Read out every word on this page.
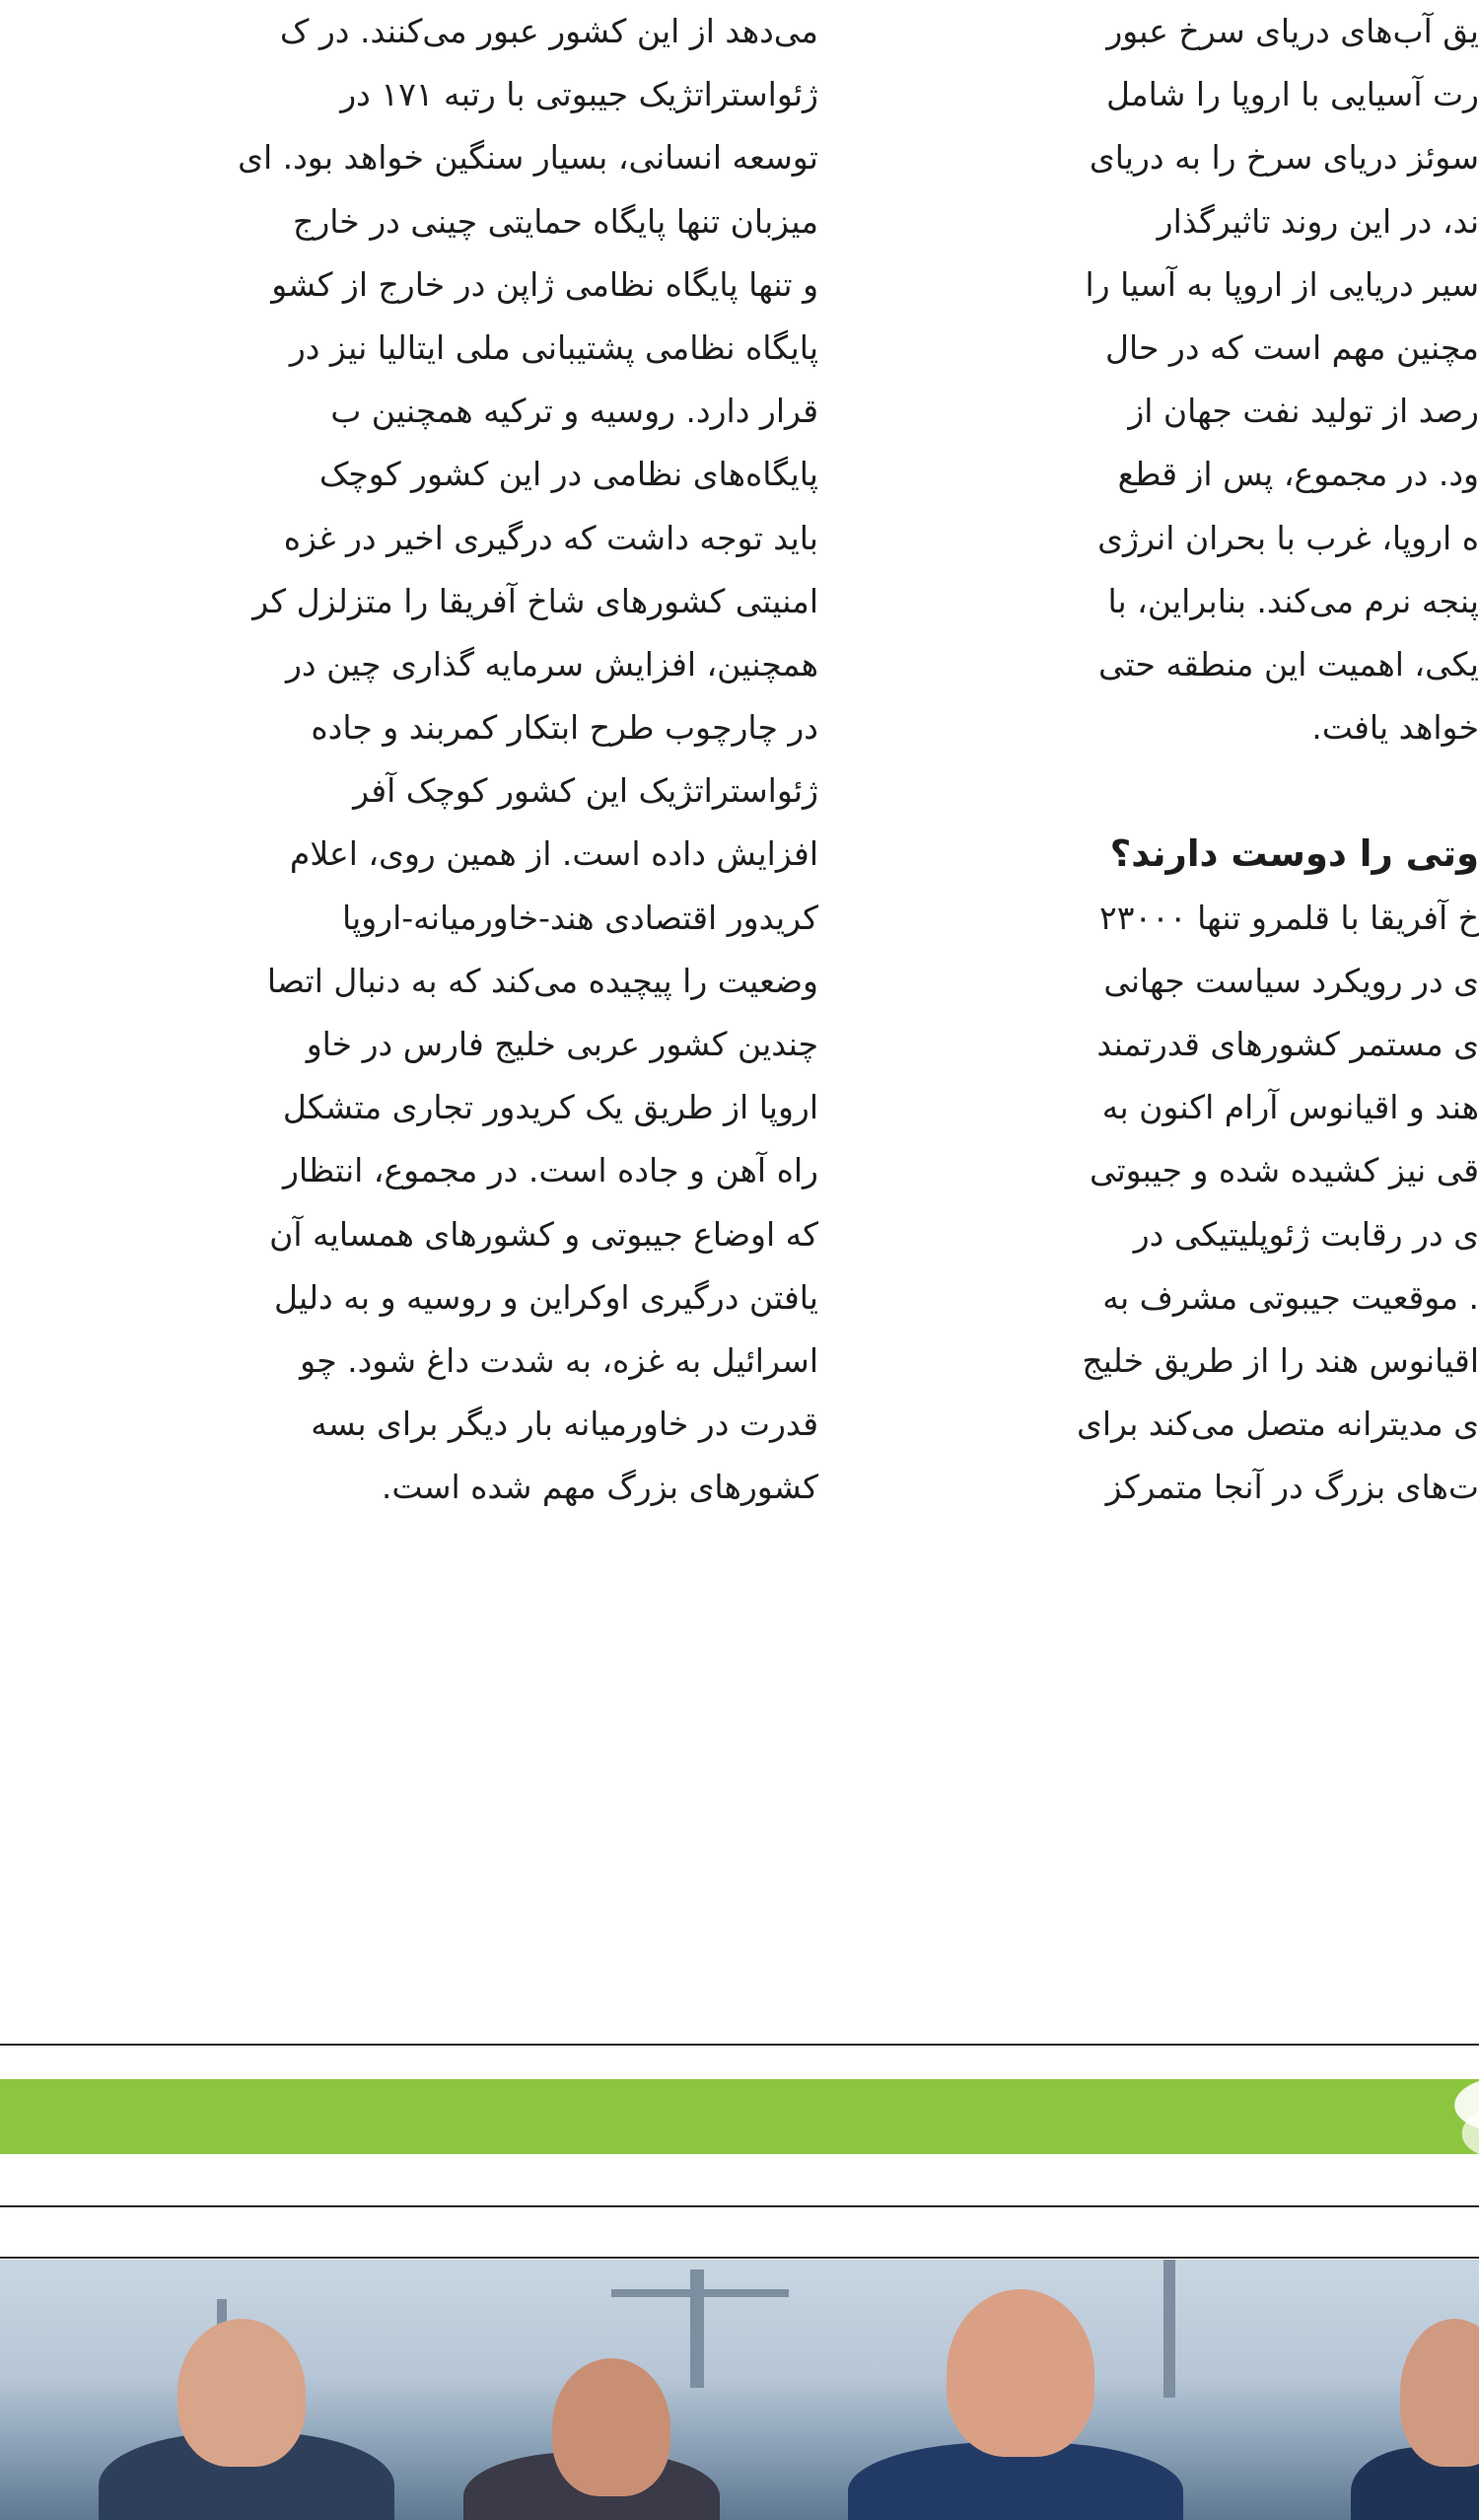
می‌دهد از این کشور عبور می‌کنند. در ک
ژئواستراتژیک جیبوتی با رتبه ۱۷۱ در
توسعه انسانی، بسیار سنگین خواهد بود. ای
میزبان تنها پایگاه حمایتی چینی در خارج
و تنها پایگاه نظامی ژاپن در خارج از کشو
پایگاه نظامی پشتیبانی ملی ایتالیا نیز در
قرار دارد. روسیه و ترکیه همچنین ب
پایگاه‌های نظامی در این کشور کوچک
باید توجه داشت که درگیری اخیر در غزه
امنیتی کشورهای شاخ آفریقا را متزلزل کر
همچنین، افزایش سرمایه گذاری چین در
در چارچوب طرح ابتکار کمربند و جاده
ژئواستراتژیک این کشور کوچک آفر
افزایش داده است. از همین روی، اعلام
کریدور اقتصادی هند-خاورمیانه-اروپا
وضعیت را پیچیده می‌کند که به دنبال اتصا
چندین کشور عربی خلیج فارس در خاو
اروپا از طریق یک کریدور تجاری متشکل
راه آهن و جاده است. در مجموع، انتظار
که اوضاع جیبوتی و کشورهای همسایه آن
یافتن درگیری اوکراین و روسیه و به دلیل
اسرائیل به غزه، به شدت داغ شود. چو
قدرت در خاورمیانه بار دیگر برای بسه
کشورهای بزرگ مهم شده است.
یق آب‌های دریای سرخ عبور
رت آسیایی با اروپا را شامل
سوئز دریای سرخ را به دریای
ند، در این روند تاثیرگذار
سیر دریایی از اروپا به آسیا را
مچنین مهم است که در حال
رصد از تولید نفت جهان از
ود. در مجموع، پس از قطع
ه اروپا، غرب با بحران انرژی
پنجه نرم می‌کند. بنابراین، با
یکی، اهمیت این منطقه حتی
خواهد یافت.
وتی را دوست دارند؟
خ آفریقا با قلمرو تنها ۲۳۰۰۰
ی در رویکرد سیاست جهانی
ی مستمر کشورهای قدرتمند
هند و اقیانوس آرام اکنون به
قی نیز کشیده شده و جیبوتی
ی در رقابت ژئوپلیتیکی در
. موقعیت جیبوتی مشرف به
اقیانوس هند را از طریق خلیج
ی مدیترانه متصل می‌کند برای
ت‌های بزرگ در آنجا متمرکز
